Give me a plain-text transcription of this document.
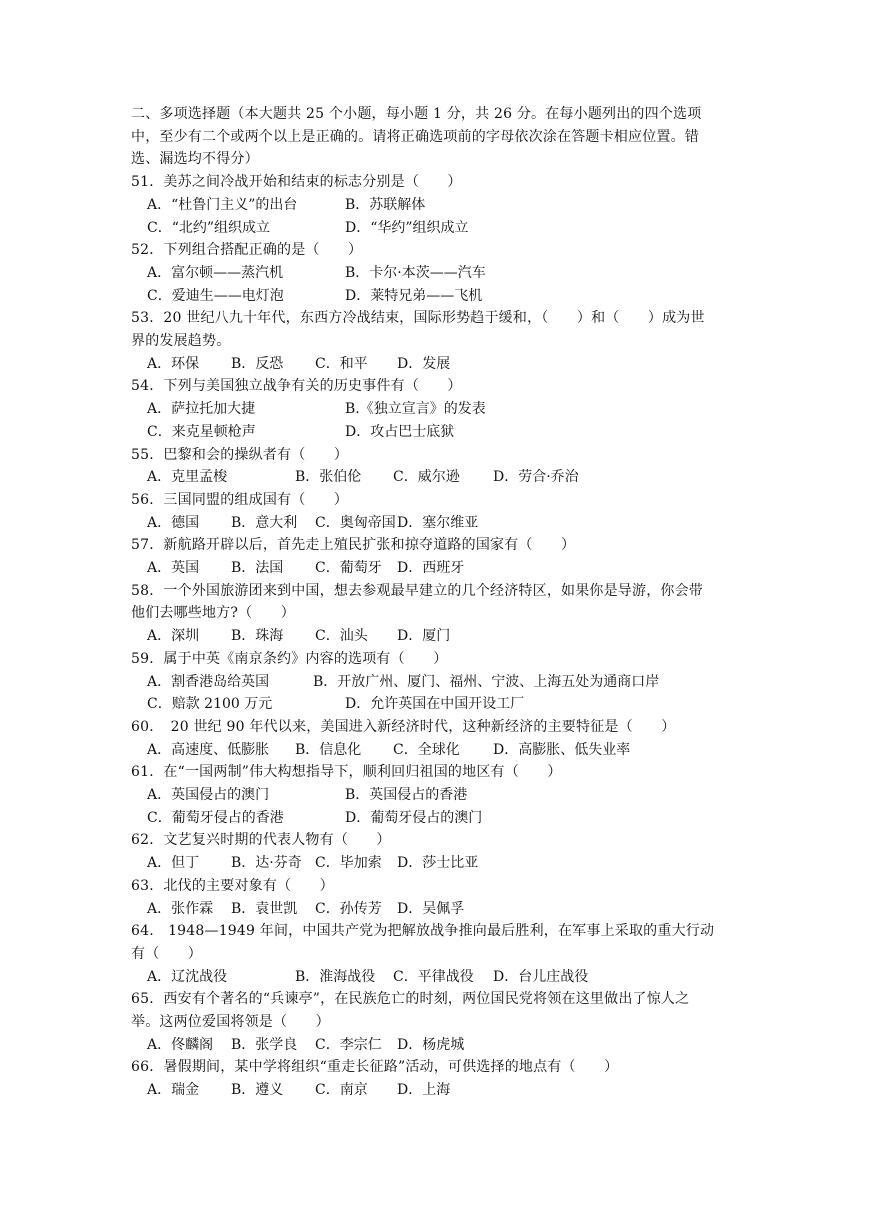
二、多项选择题（本大题共 25 个小题，每小题 1 分，共 26 分。在每小题列出的四个选项
中，至少有二个或两个以上是正确的。请将正确选项前的字母依次涂在答题卡相应位置。错
选、漏选均不得分）
51．美苏之间冷战开始和结束的标志分别是（　　）
A．“杜鲁门主义”的出台	B．苏联解体
C．“北约”组织成立	D．“华约”组织成立
52．下列组合搭配正确的是（　　）
A．富尔顿——蒸汽机	B．卡尔·本茨——汽车
C．爱迪生——电灯泡	D．莱特兄弟——飞机
53．20 世纪八九十年代，东西方冷战结束，国际形势趋于缓和，（　　）和（　　）成为世
界的发展趋势。
A．环保 B．反恐 C．和平 D．发展
54．下列与美国独立战争有关的历史事件有（　　）
A．萨拉托加大捷	B.《独立宣言》的发表
C．来克星顿枪声	D．攻占巴士底狱
55．巴黎和会的操纵者有（　　）
A．克里孟梭	B．张伯伦 C．威尔逊 D．劳合·乔治
56．三国同盟的组成国有（　　）
A．德国 B．意大利 C．奥匈帝国 D．塞尔维亚
57．新航路开辟以后，首先走上殖民扩张和掠夺道路的国家有（　　）
A．英国 B．法国 C．葡萄牙 D．西班牙
58．一个外国旅游团来到中国，想去参观最早建立的几个经济特区，如果你是导游，你会带
他们去哪些地方?（　　）
A．深圳 B．珠海 C．汕头 D．厦门
59．属于中英《南京条约》内容的选项有（　　）
A．割香港岛给英国	B．开放广州、厦门、福州、宁波、上海五处为通商口岸
C．赔款 2100 万元	D．允许英国在中国开设工厂
60．　20 世纪 90 年代以来，美国进入新经济时代，这种新经济的主要特征是（　　）
A．高速度、低膨胀 B．信息化 C．全球化 D．高膨胀、低失业率
61．在“一国两制”伟大构想指导下，顺利回归祖国的地区有（　　）
A．英国侵占的澳门	B．英国侵占的香港
C．葡萄牙侵占的香港	D．葡萄牙侵占的澳门
62．文艺复兴时期的代表人物有（　　）
A．但丁 B．达·芬奇 C．毕加索 D．莎士比亚
63．北伐的主要对象有（　　）
A．张作霖 B．袁世凯 C．孙传芳 D．吴佩孚
64.　1948—1949 年间，中国共产党为把解放战争推向最后胜利，在军事上采取的重大行动
有（　　）
A．辽沈战役	B．淮海战役 C．平律战役 D．台儿庄战役
65．西安有个著名的“兵谏亭”，在民族危亡的时刻，两位国民党将领在这里做出了惊人之
举。这两位爱国将领是（　　）
A．佟麟阁 B．张学良 C．李宗仁 D．杨虎城
66．暑假期间，某中学将组织“重走长征路”活动，可供选择的地点有（　　）
A．瑞金 B．遵义 C．南京 D．上海
